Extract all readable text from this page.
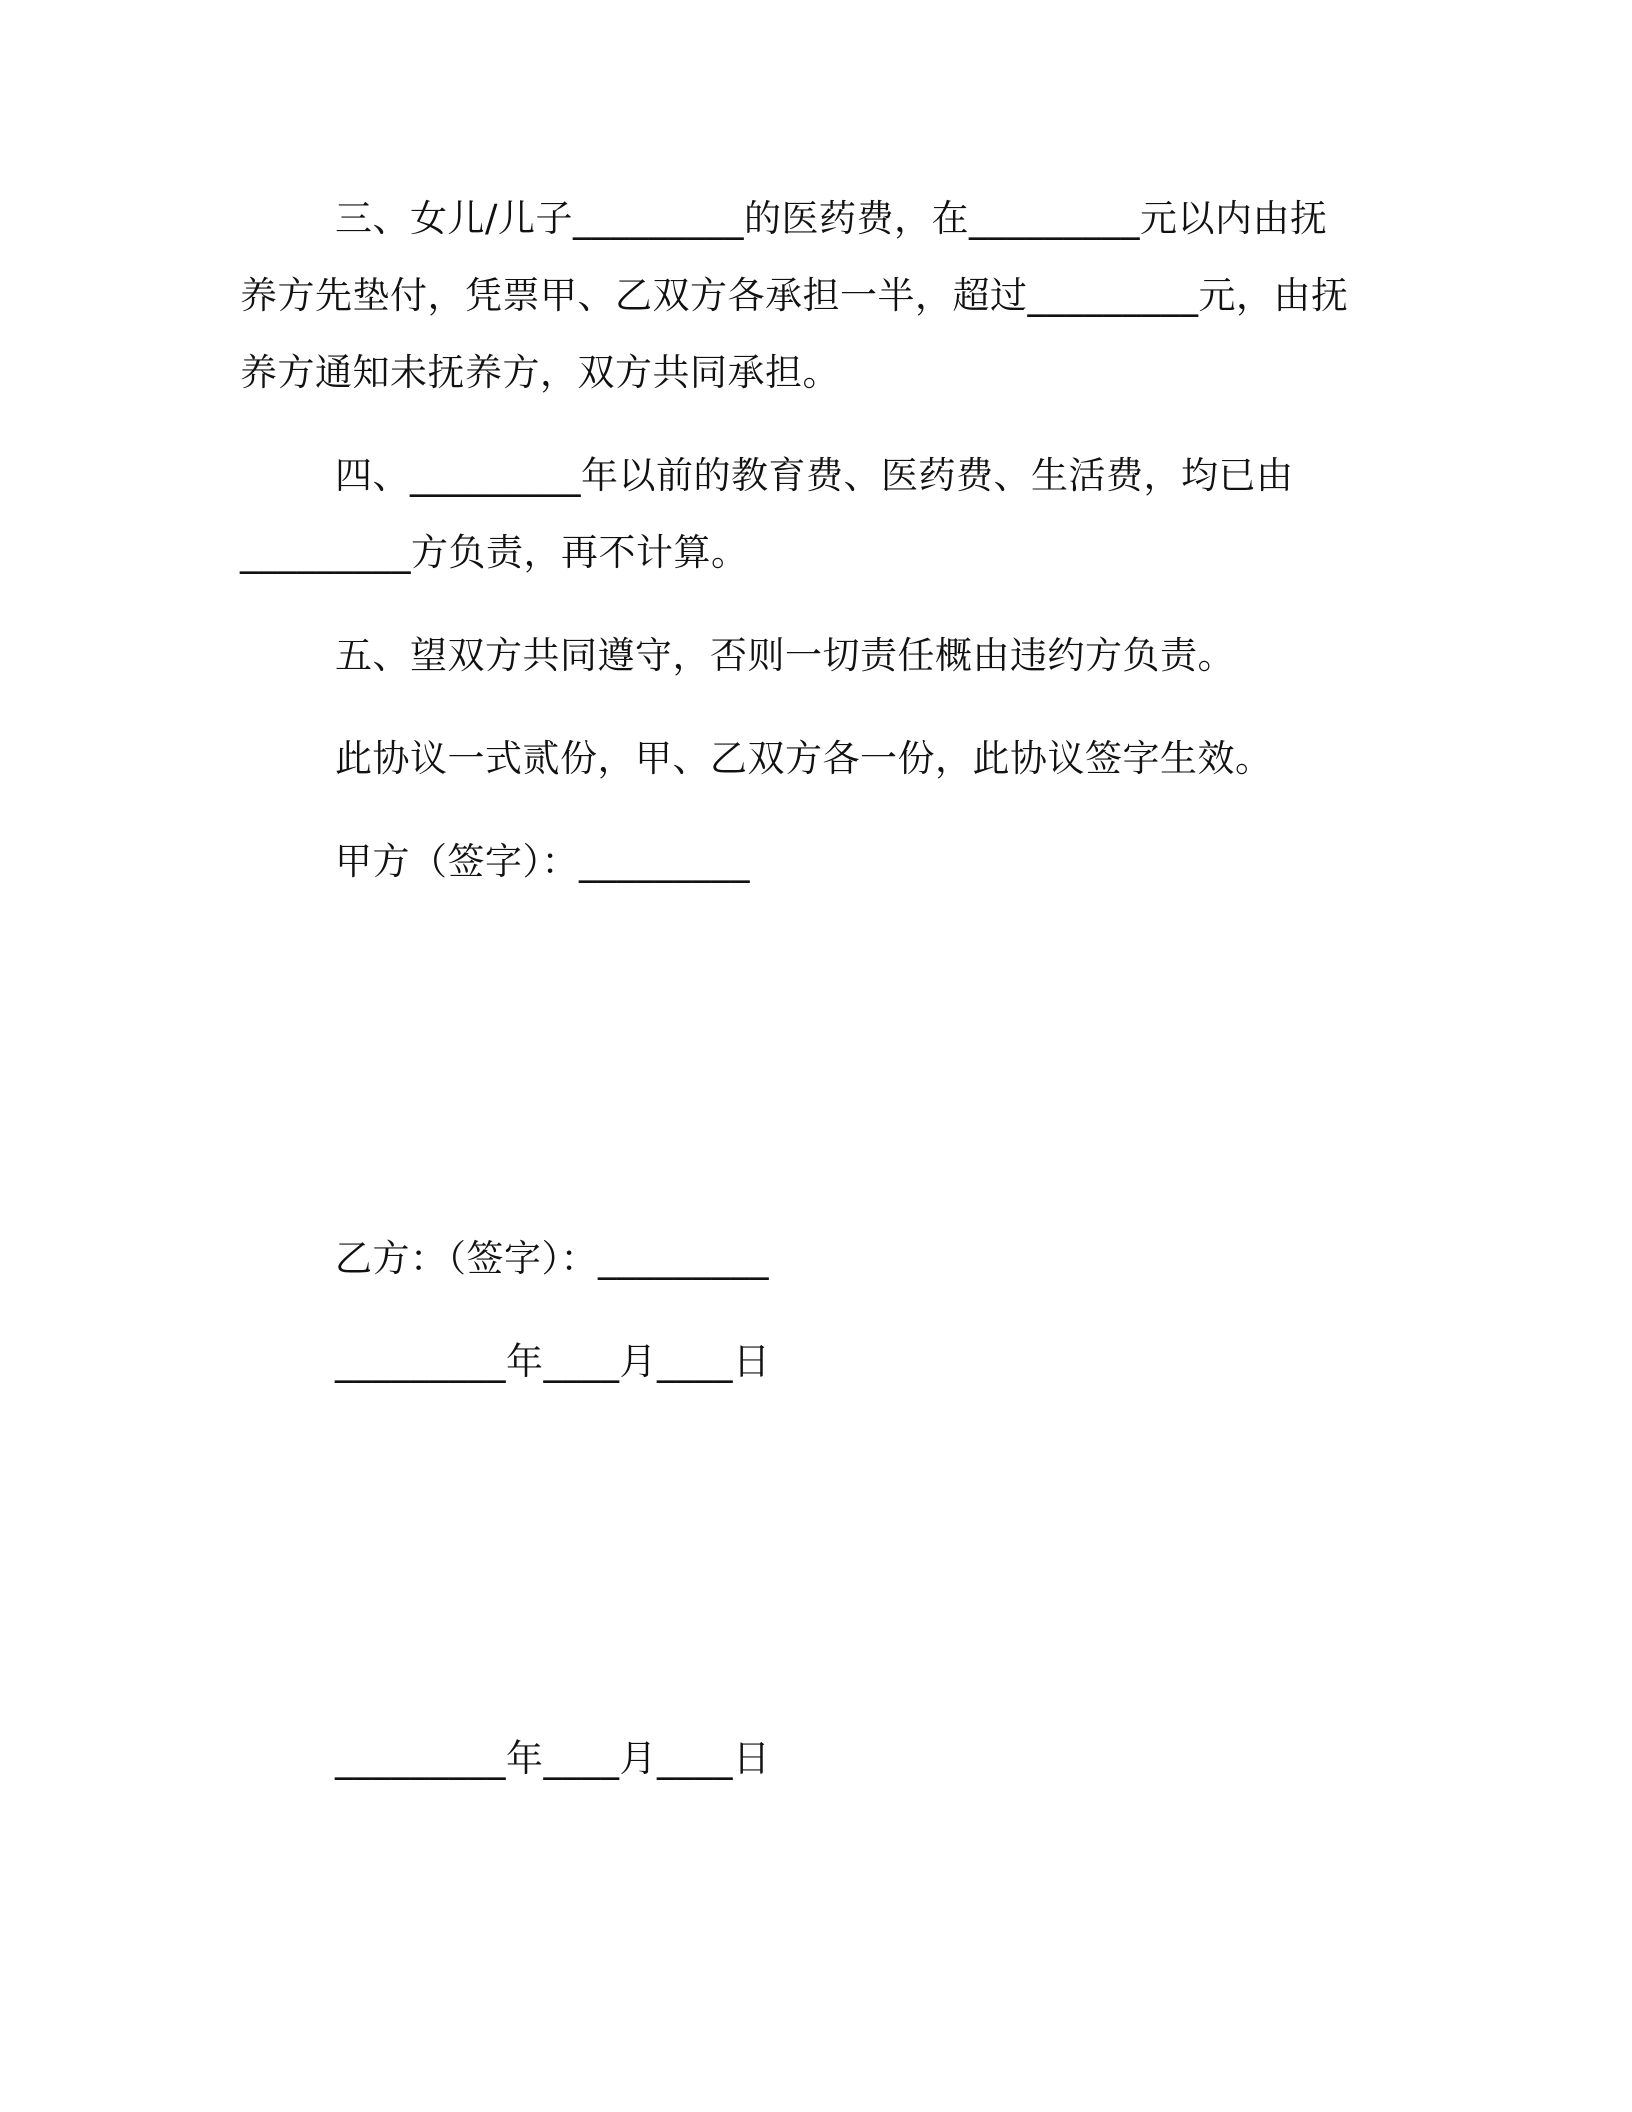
三、女儿/儿子_________的医药费，在_________元以内由抚
养方先垫付，凭票甲、乙双方各承担一半，超过_________元，由抚
养方通知未抚养方，双方共同承担。
四、_________年以前的教育费、医药费、生活费，均已由
_________方负责，再不计算。
五、望双方共同遵守，否则一切责任概由违约方负责。
此协议一式贰份，甲、乙双方各一份，此协议签字生效。
甲方（签字）：_________
乙方：（签字）：_________
_________年____月____日
_________年____月____日
